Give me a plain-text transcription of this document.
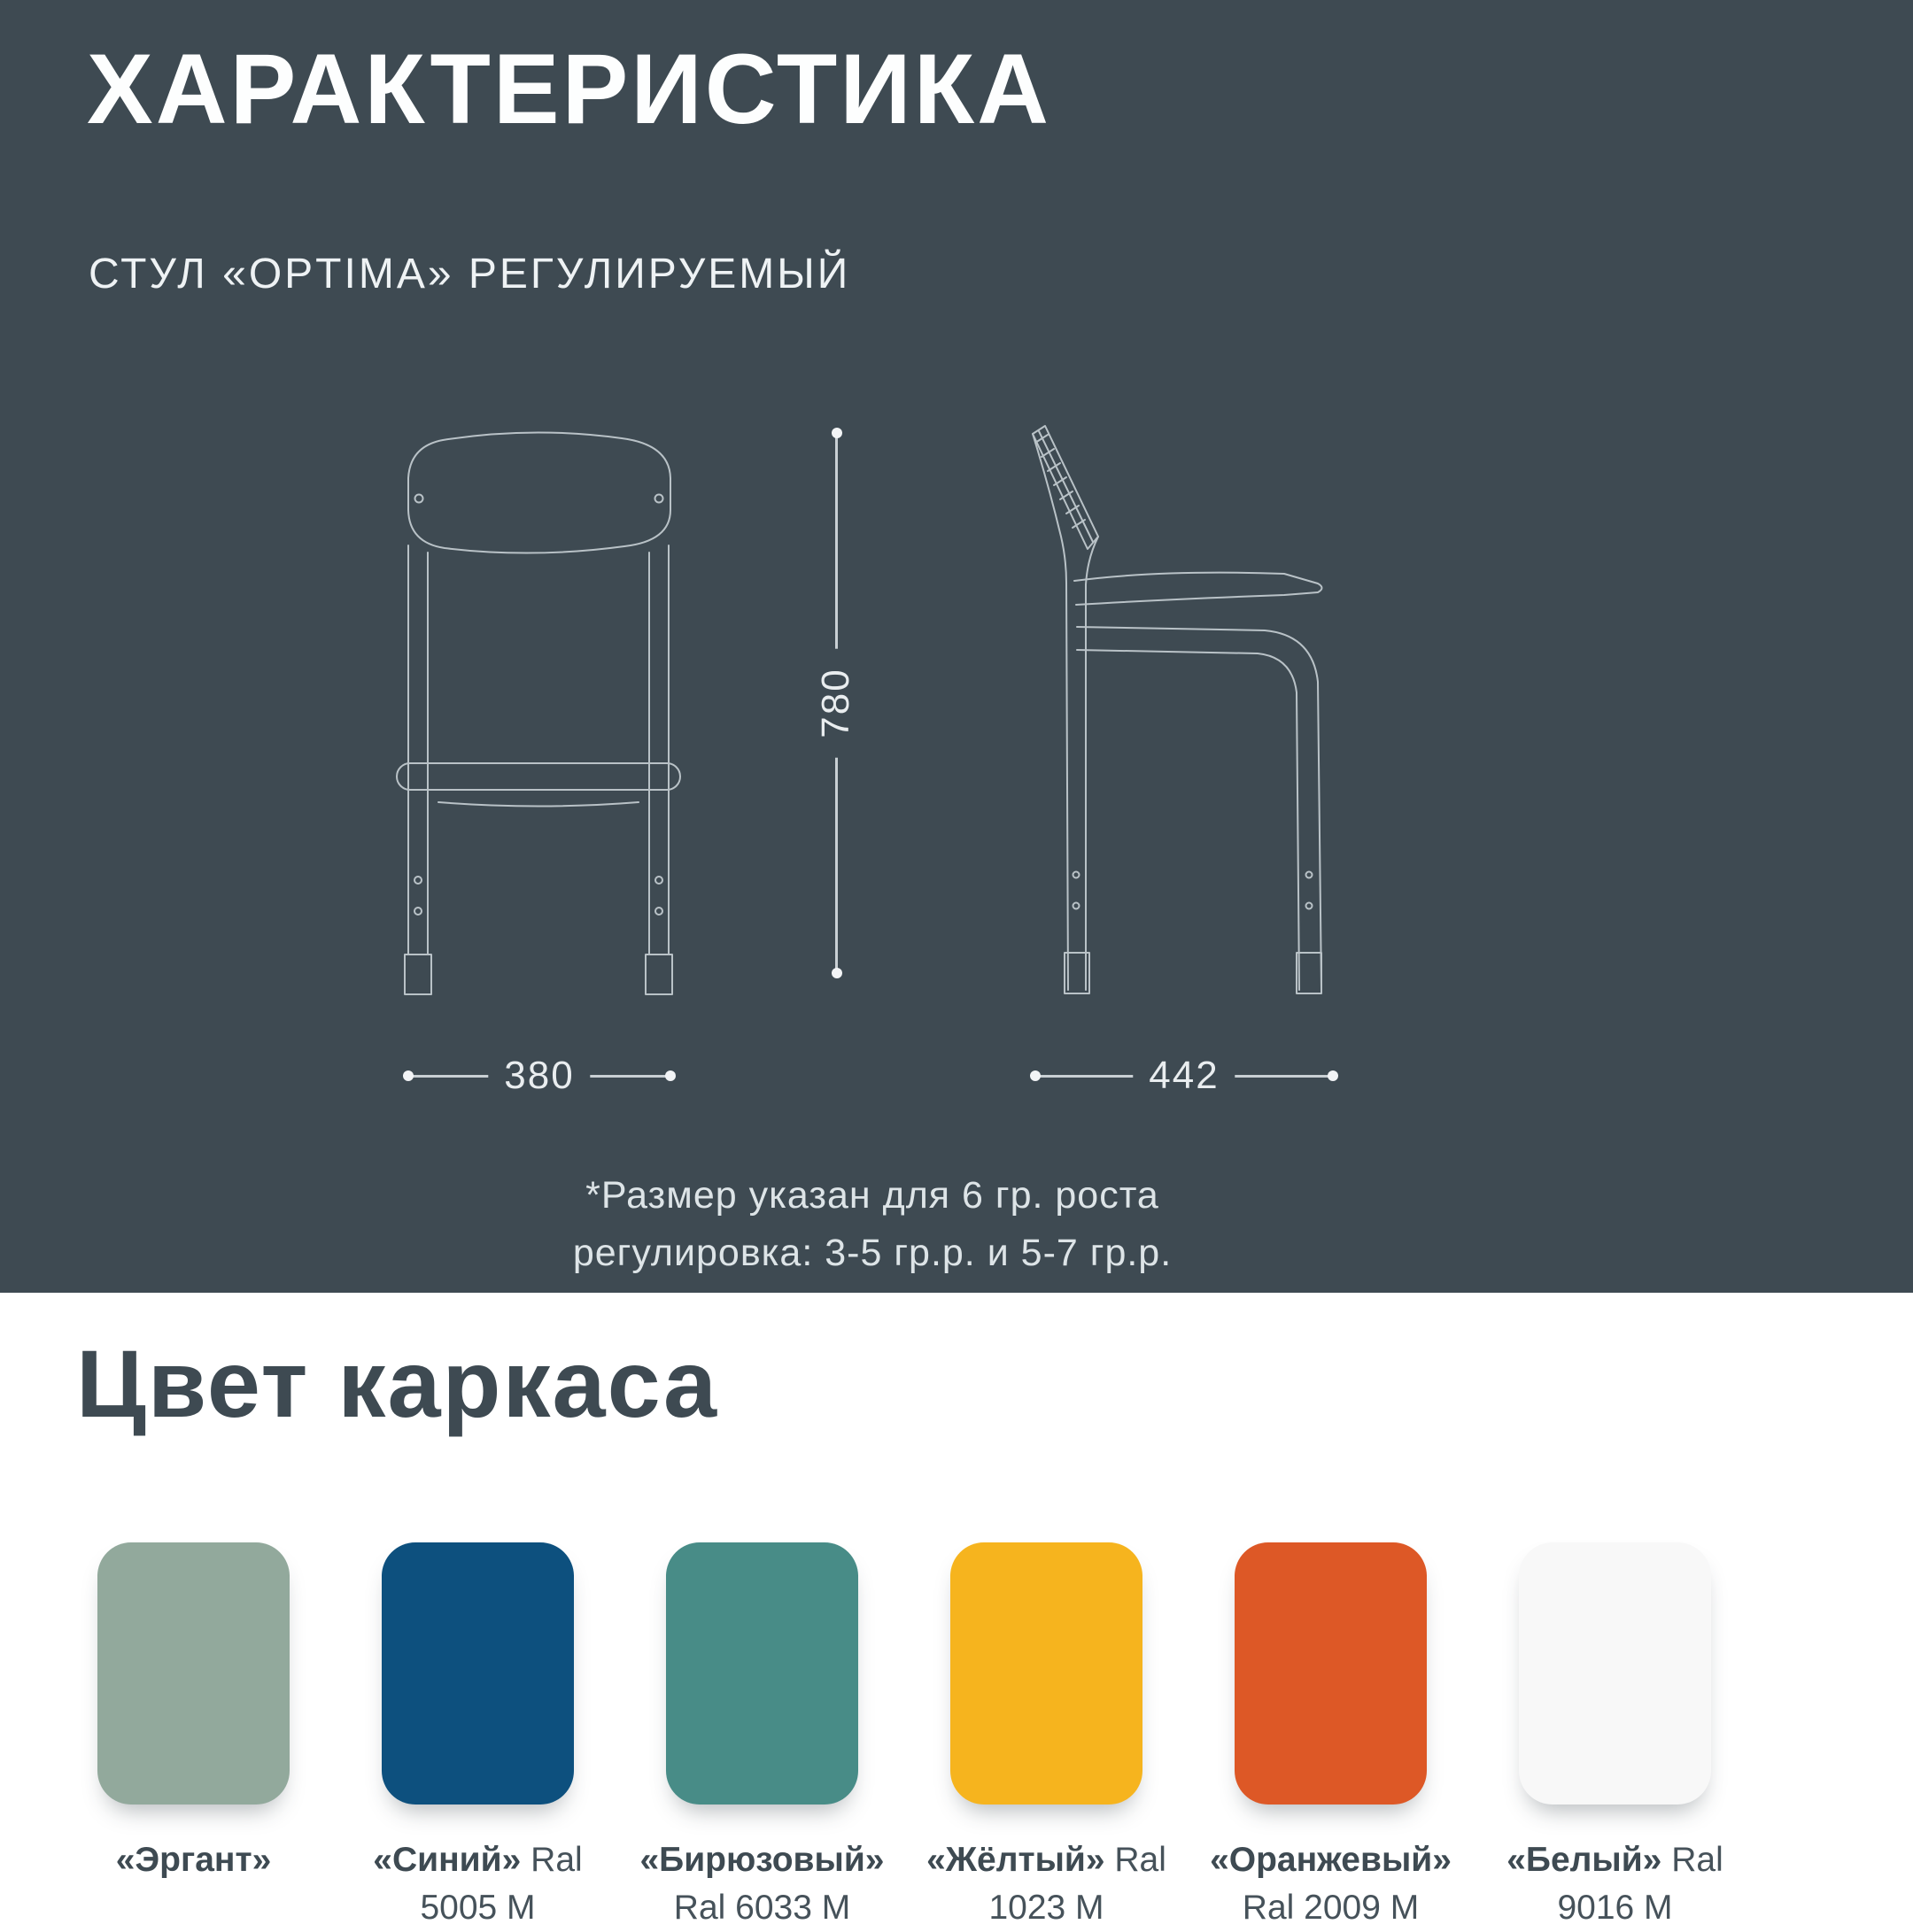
ХАРАКТЕРИСТИКА
СТУЛ «OPTIMA» РЕГУЛИРУЕМЫЙ
780
380	442
*Размер указан для 6 гр. роста
регулировка: 3-5 гр.р. и 5-7 гр.р.
Цвет каркаса
«Эргант»	«Синий» Ral 5005 M
«Бирюзовый» Ral 6033 M
«Жёлтый» Ral 1023 M
«Оранжевый» Ral 2009 M
«Белый» Ral 9016 M
